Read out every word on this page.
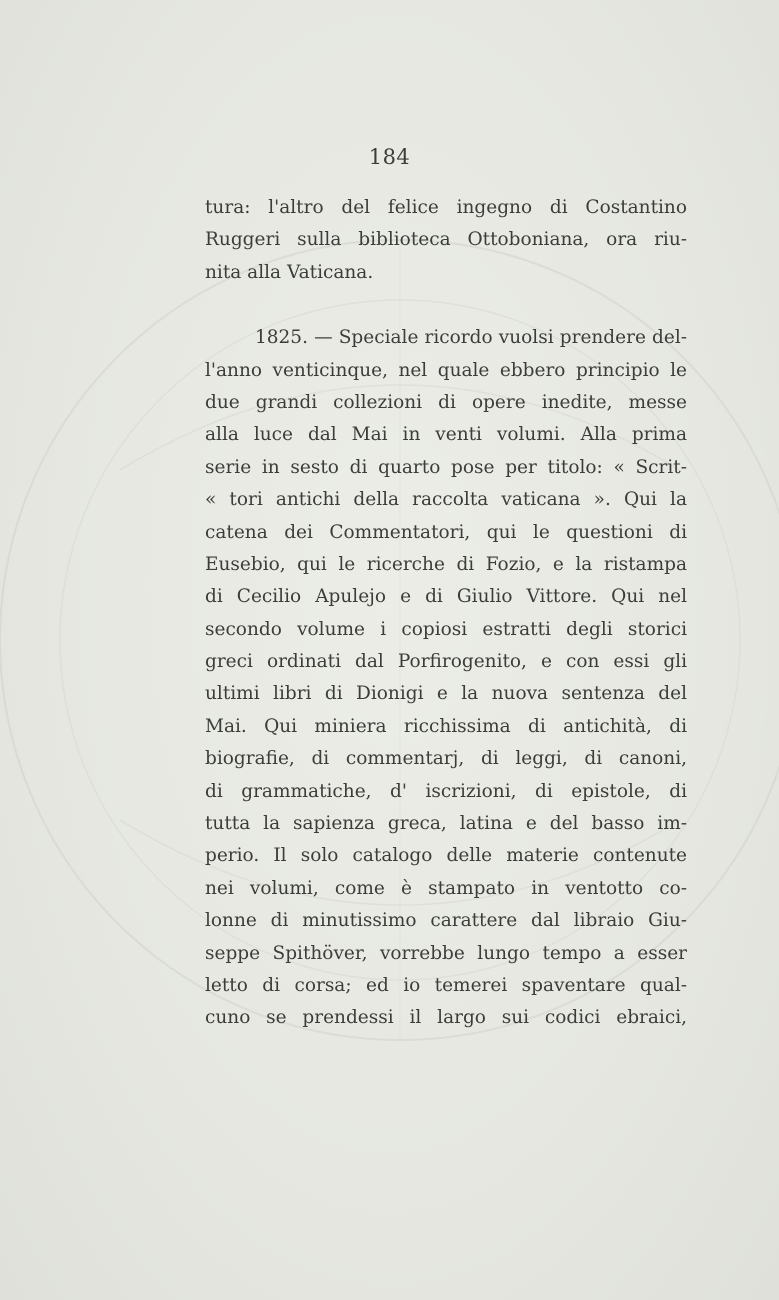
184
tura: l'altro del felice ingegno di Costantino
Ruggeri sulla biblioteca Ottoboniana, ora riu-
nita alla Vaticana.
1825. — Speciale ricordo vuolsi prendere del-
l'anno venticinque, nel quale ebbero principio le
due grandi collezioni di opere inedite, messe
alla luce dal Mai in venti volumi. Alla prima
serie in sesto di quarto pose per titolo: « Scrit-
« tori antichi della raccolta vaticana ». Qui la
catena dei Commentatori, qui le questioni di
Eusebio, qui le ricerche di Fozio, e la ristampa
di Cecilio Apulejo e di Giulio Vittore. Qui nel
secondo volume i copiosi estratti degli storici
greci ordinati dal Porfirogenito, e con essi gli
ultimi libri di Dionigi e la nuova sentenza del
Mai. Qui miniera ricchissima di antichità, di
biografie, di commentarj, di leggi, di canoni,
di grammatiche, d' iscrizioni, di epistole, di
tutta la sapienza greca, latina e del basso im-
perio. Il solo catalogo delle materie contenute
nei volumi, come è stampato in ventotto co-
lonne di minutissimo carattere dal libraio Giu-
seppe Spithöver, vorrebbe lungo tempo a esser
letto di corsa; ed io temerei spaventare qual-
cuno se prendessi il largo sui codici ebraici,
